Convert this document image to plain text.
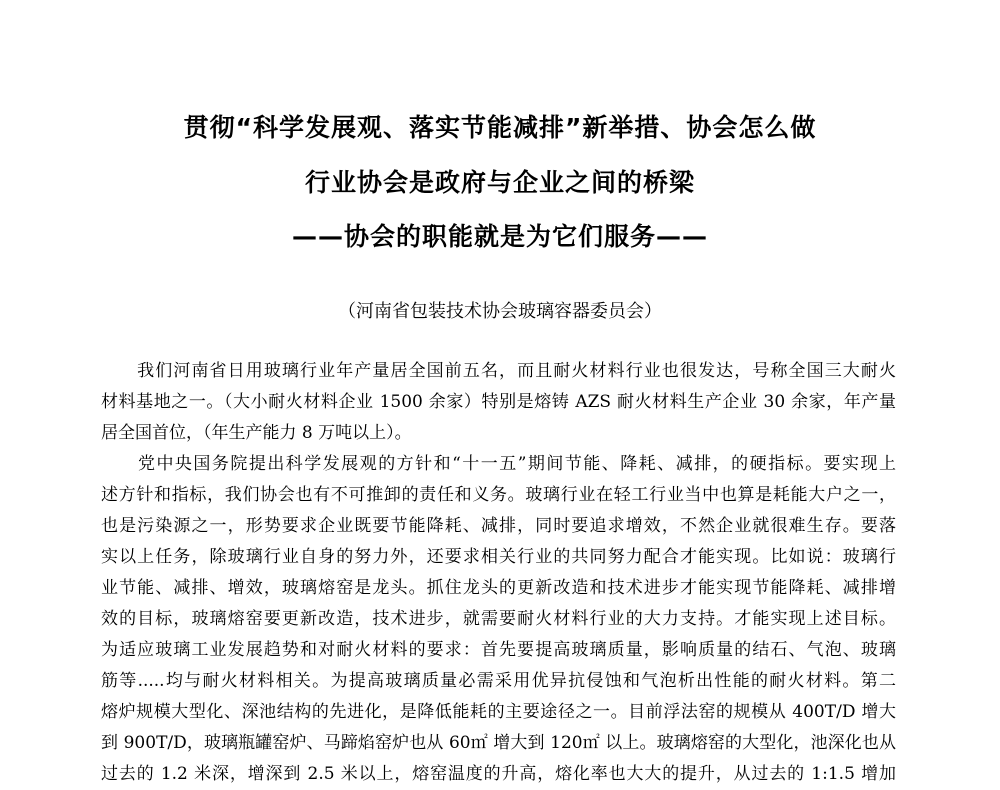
贯彻“科学发展观、落实节能减排”新举措、协会怎么做
行业协会是政府与企业之间的桥梁
——协会的职能就是为它们服务——
（河南省包装技术协会玻璃容器委员会）
　　我们河南省日用玻璃行业年产量居全国前五名，而且耐火材料行业也很发达，号称全国三大耐火
材料基地之一。（大小耐火材料企业 1500 余家）特别是熔铸 AZS 耐火材料生产企业 30 余家，年产量
居全国首位，（年生产能力 8 万吨以上）。
　　党中央国务院提出科学发展观的方针和“十一五”期间节能、降耗、减排，的硬指标。要实现上
述方针和指标，我们协会也有不可推卸的责任和义务。玻璃行业在轻工行业当中也算是耗能大户之一，
也是污染源之一，形势要求企业既要节能降耗、减排，同时要追求增效，不然企业就很难生存。要落
实以上任务，除玻璃行业自身的努力外，还要求相关行业的共同努力配合才能实现。比如说：玻璃行
业节能、减排、增效，玻璃熔窑是龙头。抓住龙头的更新改造和技术进步才能实现节能降耗、减排增
效的目标，玻璃熔窑要更新改造，技术进步，就需要耐火材料行业的大力支持。才能实现上述目标。
为适应玻璃工业发展趋势和对耐火材料的要求：首先要提高玻璃质量，影响质量的结石、气泡、玻璃
筋等.....均与耐火材料相关。为提高玻璃质量必需采用优异抗侵蚀和气泡析出性能的耐火材料。第二
熔炉规模大型化、深池结构的先进化，是降低能耗的主要途径之一。目前浮法窑的规模从 400T/D 增大
到 900T/D，玻璃瓶罐窑炉、马蹄焰窑炉也从 60㎡ 增大到 120㎡ 以上。玻璃熔窑的大型化，池深化也从
过去的 1.2 米深，增深到 2.5 米以上，熔窑温度的升高，熔化率也大大的提升，从过去的 1:1.5 增加
